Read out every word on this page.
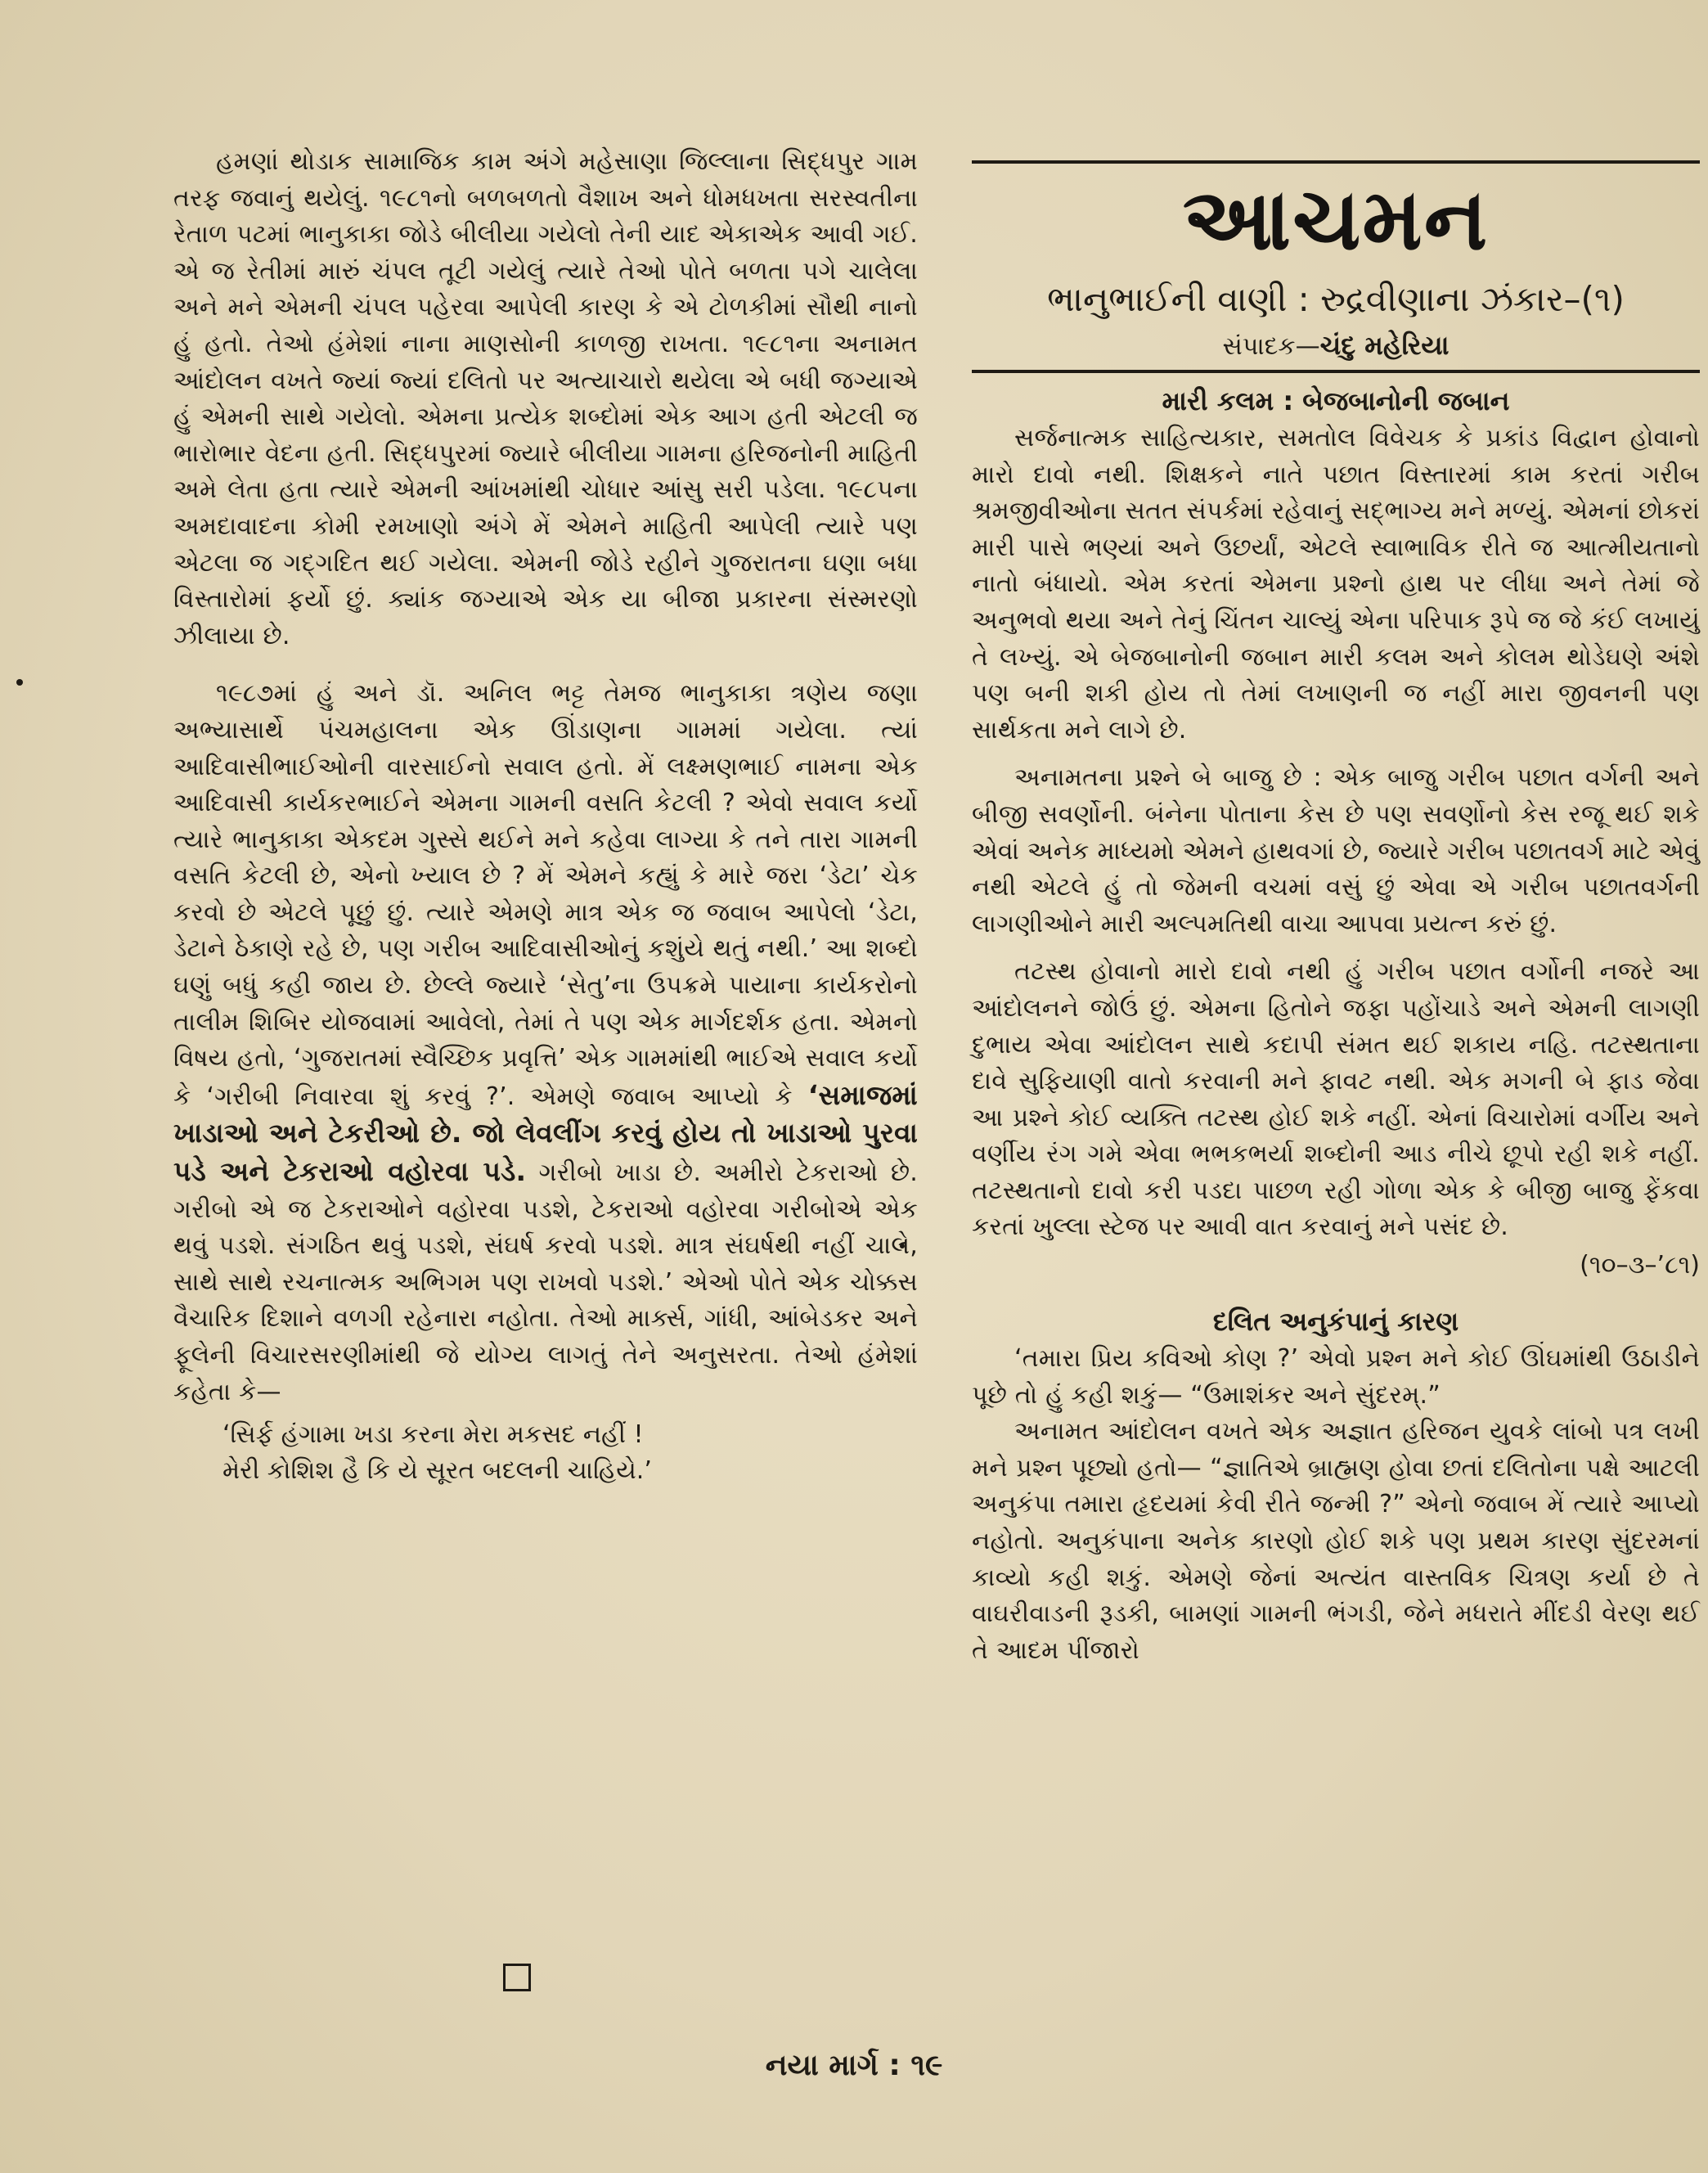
હમણાં થોડાક સામાજિક કામ અંગે મહેસાણા જિલ્લાના સિદ્ધપુર ગામ તરફ જવાનું થયેલું. ૧૯૮૧નો બળબળતો વૈશાખ અને ધોમધખતા સરસ્વતીના રેતાળ પટમાં ભાનુકાકા જોડે બીલીયા ગયેલો તેની યાદ એકાએક આવી ગઈ. એ જ રેતીમાં મારું ચંપલ તૂટી ગયેલું ત્યારે તેઓ પોતે બળતા પગે ચાલેલા અને મને એમની ચંપલ પહેરવા આપેલી કારણ કે એ ટોળકીમાં સૌથી નાનો હું હતો. તેઓ હંમેશાં નાના માણસોની કાળજી રાખતા. ૧૯૮૧ના અનામત આંદોલન વખતે જ્યાં જ્યાં દલિતો પર અત્યાચારો થયેલા એ બધી જગ્યાએ હું એમની સાથે ગયેલો. એમના પ્રત્યેક શબ્દોમાં એક આગ હતી એટલી જ ભારોભાર વેદના હતી. સિદ્ધપુરમાં જ્યારે બીલીયા ગામના હરિજનોની માહિતી અમે લેતા હતા ત્યારે એમની આંખમાંથી ચોધાર આંસુ સરી પડેલા. ૧૯૮૫ના અમદાવાદના કોમી રમખાણો અંગે મેં એમને માહિતી આપેલી ત્યારે પણ એટલા જ ગદ્ગદિત થઈ ગયેલા. એમની જોડે રહીને ગુજરાતના ઘણા બધા વિસ્તારોમાં ફર્યો છું. ક્યાંક જગ્યાએ એક યા બીજા પ્રકારના સંસ્મરણો ઝીલાયા છે.

૧૯૮૭માં હું અને ડૉ. અનિલ ભટ્ટ તેમજ ભાનુકાકા ત્રણેય જણા અભ્યાસાર્થે પંચમહાલના એક ઊંડાણના ગામમાં ગયેલા. ત્યાં આદિવાસીભાઈઓની વારસાઈનો સવાલ હતો. મેં લક્ષ્મણભાઈ નામના એક આદિવાસી કાર્યકરભાઈને એમના ગામની વસતિ કેટલી ? એવો સવાલ કર્યો ત્યારે ભાનુકાકા એકદમ ગુસ્સે થઈને મને કહેવા લાગ્યા કે તને તારા ગામની વસતિ કેટલી છે, એનો ખ્યાલ છે ? મેં એમને કહ્યું કે મારે જરા ‘ડેટા’ ચેક કરવો છે એટલે પૂછું છું. ત્યારે એમણે માત્ર એક જ જવાબ આપેલો ‘ડેટા, ડેટાને ઠેકાણે રહે છે, પણ ગરીબ આદિવાસીઓનું કશુંયે થતું નથી.’ આ શબ્દો ઘણું બધું કહી જાય છે. છેલ્લે જ્યારે ‘સેતુ’ના ઉપક્રમે પાયાના કાર્યકરોનો તાલીમ શિબિર યોજવામાં આવેલો, તેમાં તે પણ એક માર્ગદર્શક હતા. એમનો વિષય હતો, ‘ગુજરાતમાં સ્વૈચ્છિક પ્રવૃત્તિ’ એક ગામમાંથી ભાઈએ સવાલ કર્યો કે ‘ગરીબી નિવારવા શું કરવું ?’. એમણે જવાબ આપ્યો કે ‘સમાજમાં ખાડાઓ અને ટેકરીઓ છે. જો લેવલીંગ કરવું હોય તો ખાડાઓ પુરવા પડે અને ટેકરાઓ વહોરવા પડે. ગરીબો ખાડા છે. અમીરો ટેકરાઓ છે. ગરીબો એ જ ટેકરાઓને વહોરવા પડશે, ટેકરાઓ વહોરવા ગરીબોએ એક થવું પડશે. સંગઠિત થવું પડશે, સંઘર્ષ કરવો પડશે. માત્ર સંઘર્ષથી નહીં ચાલે, સાથે સાથે રચનાત્મક અભિગમ પણ રાખવો પડશે.’ એઓ પોતે એક ચોક્કસ વૈચારિક દિશાને વળગી રહેનારા નહોતા. તેઓ માર્ક્સ, ગાંધી, આંબેડકર અને ફૂલેની વિચારસરણીમાંથી જે યોગ્ય લાગતું તેને અનુસરતા. તેઓ હંમેશાં કહેતા કે—

‘સિર્ફ હંગામા ખડા કરના મેરા મકસદ નહીં !
મેરી કોશિશ હૈ કિ યે સૂરત બદલની ચાહિયે.’
આચમન
ભાનુભાઈની વાણી : રુદ્રવીણાના ઝંકાર–(૧)
સંપાદક—ચંદુ મહેરિયા
મારી કલમ : બેજબાનોની જબાન

સર્જનાત્મક સાહિત્યકાર, સમતોલ વિવેચક કે પ્રકાંડ વિદ્વાન હોવાનો મારો દાવો નથી. શિક્ષકને નાતે પછાત વિસ્તારમાં કામ કરતાં ગરીબ શ્રમજીવીઓના સતત સંપર્કમાં રહેવાનું સદ્ભાગ્ય મને મળ્યું. એમનાં છોકરાં મારી પાસે ભણ્યાં અને ઉછર્યાં, એટલે સ્વાભાવિક રીતે જ આત્મીયતાનો નાતો બંધાયો. એમ કરતાં એમના પ્રશ્નો હાથ પર લીધા અને તેમાં જે અનુભવો થયા અને તેનું ચિંતન ચાલ્યું એના પરિપાક રૂપે જ જે કંઈ લખાયું તે લખ્યું. એ બેજબાનોની જબાન મારી કલમ અને કોલમ થોડેઘણે અંશે પણ બની શકી હોય તો તેમાં લખાણની જ નહીં મારા જીવનની પણ સાર્થકતા મને લાગે છે.

અનામતના પ્રશ્ને બે બાજુ છે : એક બાજુ ગરીબ પછાત વર્ગની અને બીજી સવર્ણોની. બંનેના પોતાના કેસ છે પણ સવર્ણોનો કેસ રજૂ થઈ શકે એવાં અનેક માધ્યમો એમને હાથવગાં છે, જ્યારે ગરીબ પછાતવર્ગ માટે એવું નથી એટલે હું તો જેમની વચમાં વસું છું એવા એ ગરીબ પછાતવર્ગની લાગણીઓને મારી અલ્પમતિથી વાચા આપવા પ્રયત્ન કરું છું.

તટસ્થ હોવાનો મારો દાવો નથી હું ગરીબ પછાત વર્ગોની નજરે આ આંદોલનને જોઉં છું. એમના હિતોને જફા પહોંચાડે અને એમની લાગણી દુભાય એવા આંદોલન સાથે કદાપી સંમત થઈ શકાય નહિ. તટસ્થતાના દાવે સુફિયાણી વાતો કરવાની મને ફાવટ નથી. એક મગની બે ફાડ જેવા આ પ્રશ્ને કોઈ વ્યક્તિ તટસ્થ હોઈ શકે નહીં. એનાં વિચારોમાં વર્ગીય અને વર્ણીય રંગ ગમે એવા ભભકભર્યા શબ્દોની આડ નીચે છૂપો રહી શકે નહીં. તટસ્થતાનો દાવો કરી પડદા પાછળ રહી ગોળા એક કે બીજી બાજુ ફેંકવા કરતાં ખુલ્લા સ્ટેજ પર આવી વાત કરવાનું મને પસંદ છે.

(૧૦–૩–’૮૧)
દલિત અનુકંપાનું કારણ

‘તમારા પ્રિય કવિઓ કોણ ?’ એવો પ્રશ્ન મને કોઈ ઊંઘમાંથી ઉઠાડીને પૂછે તો હું કહી શકું— “ઉમાશંકર અને સુંદરમ્.”

અનામત આંદોલન વખતે એક અજ્ઞાત હરિજન યુવકે લાંબો પત્ર લખી મને પ્રશ્ન પૂછ્યો હતો— “જ્ઞાતિએ બ્રાહ્મણ હોવા છતાં દલિતોના પક્ષે આટલી અનુકંપા તમારા હૃદયમાં કેવી રીતે જન્મી ?” એનો જવાબ મેં ત્યારે આપ્યો નહોતો. અનુકંપાના અનેક કારણો હોઈ શકે પણ પ્રથમ કારણ સુંદરમનાં કાવ્યો કહી શકું. એમણે જેનાં અત્યંત વાસ્તવિક ચિત્રણ કર્યા છે તે વાઘરીવાડની રૂડકી, બામણાં ગામની ભંગડી, જેને મધરાતે મીંદડી વેરણ થઈ તે આદમ પીંજારો

નયા માર્ગ : ૧૯
